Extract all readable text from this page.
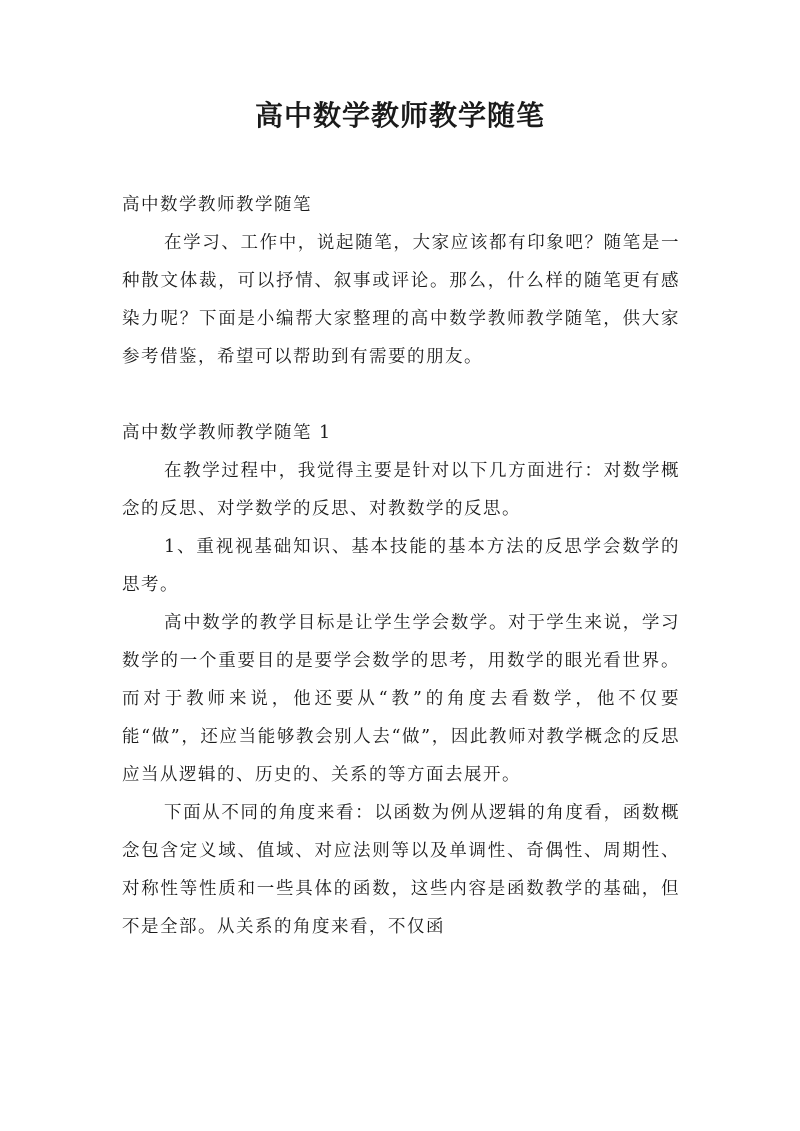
高中数学教师教学随笔

高中数学教师教学随笔

在学习、工作中，说起随笔，大家应该都有印象吧？随笔是一种散文体裁，可以抒情、叙事或评论。那么，什么样的随笔更有感染力呢？下面是小编帮大家整理的高中数学教师教学随笔，供大家参考借鉴，希望可以帮助到有需要的朋友。

高中数学教师教学随笔 1

在教学过程中，我觉得主要是针对以下几方面进行：对数学概念的反思、对学数学的反思、对教数学的反思。

1、重视视基础知识、基本技能的基本方法的反思学会数学的思考。

高中数学的教学目标是让学生学会数学。对于学生来说，学习数学的一个重要目的是要学会数学的思考，用数学的眼光看世界。而对于教师来说，他还要从“教”的角度去看数学，他不仅要能“做”，还应当能够教会别人去“做”，因此教师对教学概念的反思应当从逻辑的、历史的、关系的等方面去展开。

下面从不同的角度来看：以函数为例从逻辑的角度看，函数概念包含定义域、值域、对应法则等以及单调性、奇偶性、周期性、对称性等性质和一些具体的函数，这些内容是函数教学的基础，但不是全部。从关系的角度来看，不仅函
